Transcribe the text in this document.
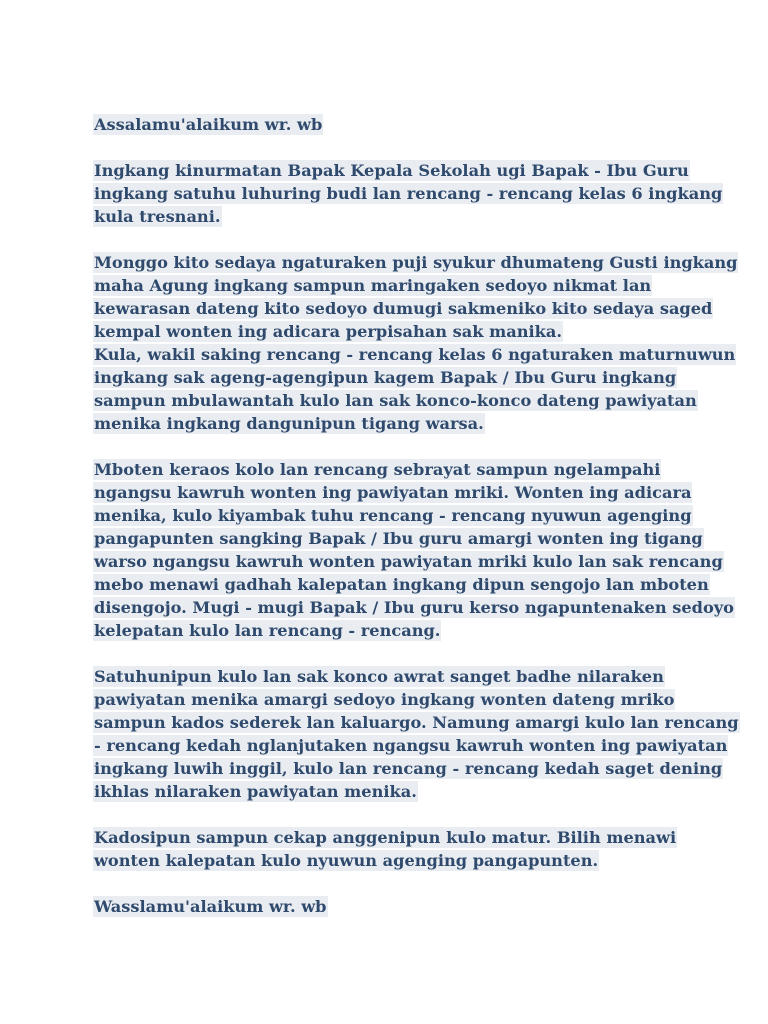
Assalamu'alaikum wr. wb
Ingkang kinurmatan Bapak Kepala Sekolah ugi Bapak - Ibu Guru
ingkang satuhu luhuring budi lan rencang - rencang kelas 6 ingkang
kula tresnani.
Monggo kito sedaya ngaturaken puji syukur dhumateng Gusti ingkang
maha Agung ingkang sampun maringaken sedoyo nikmat lan
kewarasan dateng kito sedoyo dumugi sakmeniko kito sedaya saged
kempal wonten ing adicara perpisahan sak manika.
Kula, wakil saking rencang - rencang kelas 6 ngaturaken maturnuwun
ingkang sak ageng-agengipun kagem Bapak / Ibu Guru ingkang
sampun mbulawantah kulo lan sak konco-konco dateng pawiyatan
menika ingkang dangunipun tigang warsa.
Mboten keraos kolo lan rencang sebrayat sampun ngelampahi
ngangsu kawruh wonten ing pawiyatan mriki. Wonten ing adicara
menika, kulo kiyambak tuhu rencang - rencang nyuwun agenging
pangapunten sangking Bapak / Ibu guru amargi wonten ing tigang
warso ngangsu kawruh wonten pawiyatan mriki kulo lan sak rencang
mebo menawi gadhah kalepatan ingkang dipun sengojo lan mboten
disengojo. Mugi - mugi Bapak / Ibu guru kerso ngapuntenaken sedoyo
kelepatan kulo lan rencang - rencang.
Satuhunipun kulo lan sak konco awrat sanget badhe nilaraken
pawiyatan menika amargi sedoyo ingkang wonten dateng mriko
sampun kados sederek lan kaluargo. Namung amargi kulo lan rencang
- rencang kedah nglanjutaken ngangsu kawruh wonten ing pawiyatan
ingkang luwih inggil, kulo lan rencang - rencang kedah saget dening
ikhlas nilaraken pawiyatan menika.
Kadosipun sampun cekap anggenipun kulo matur. Bilih menawi
wonten kalepatan kulo nyuwun agenging pangapunten.
Wasslamu'alaikum wr. wb
